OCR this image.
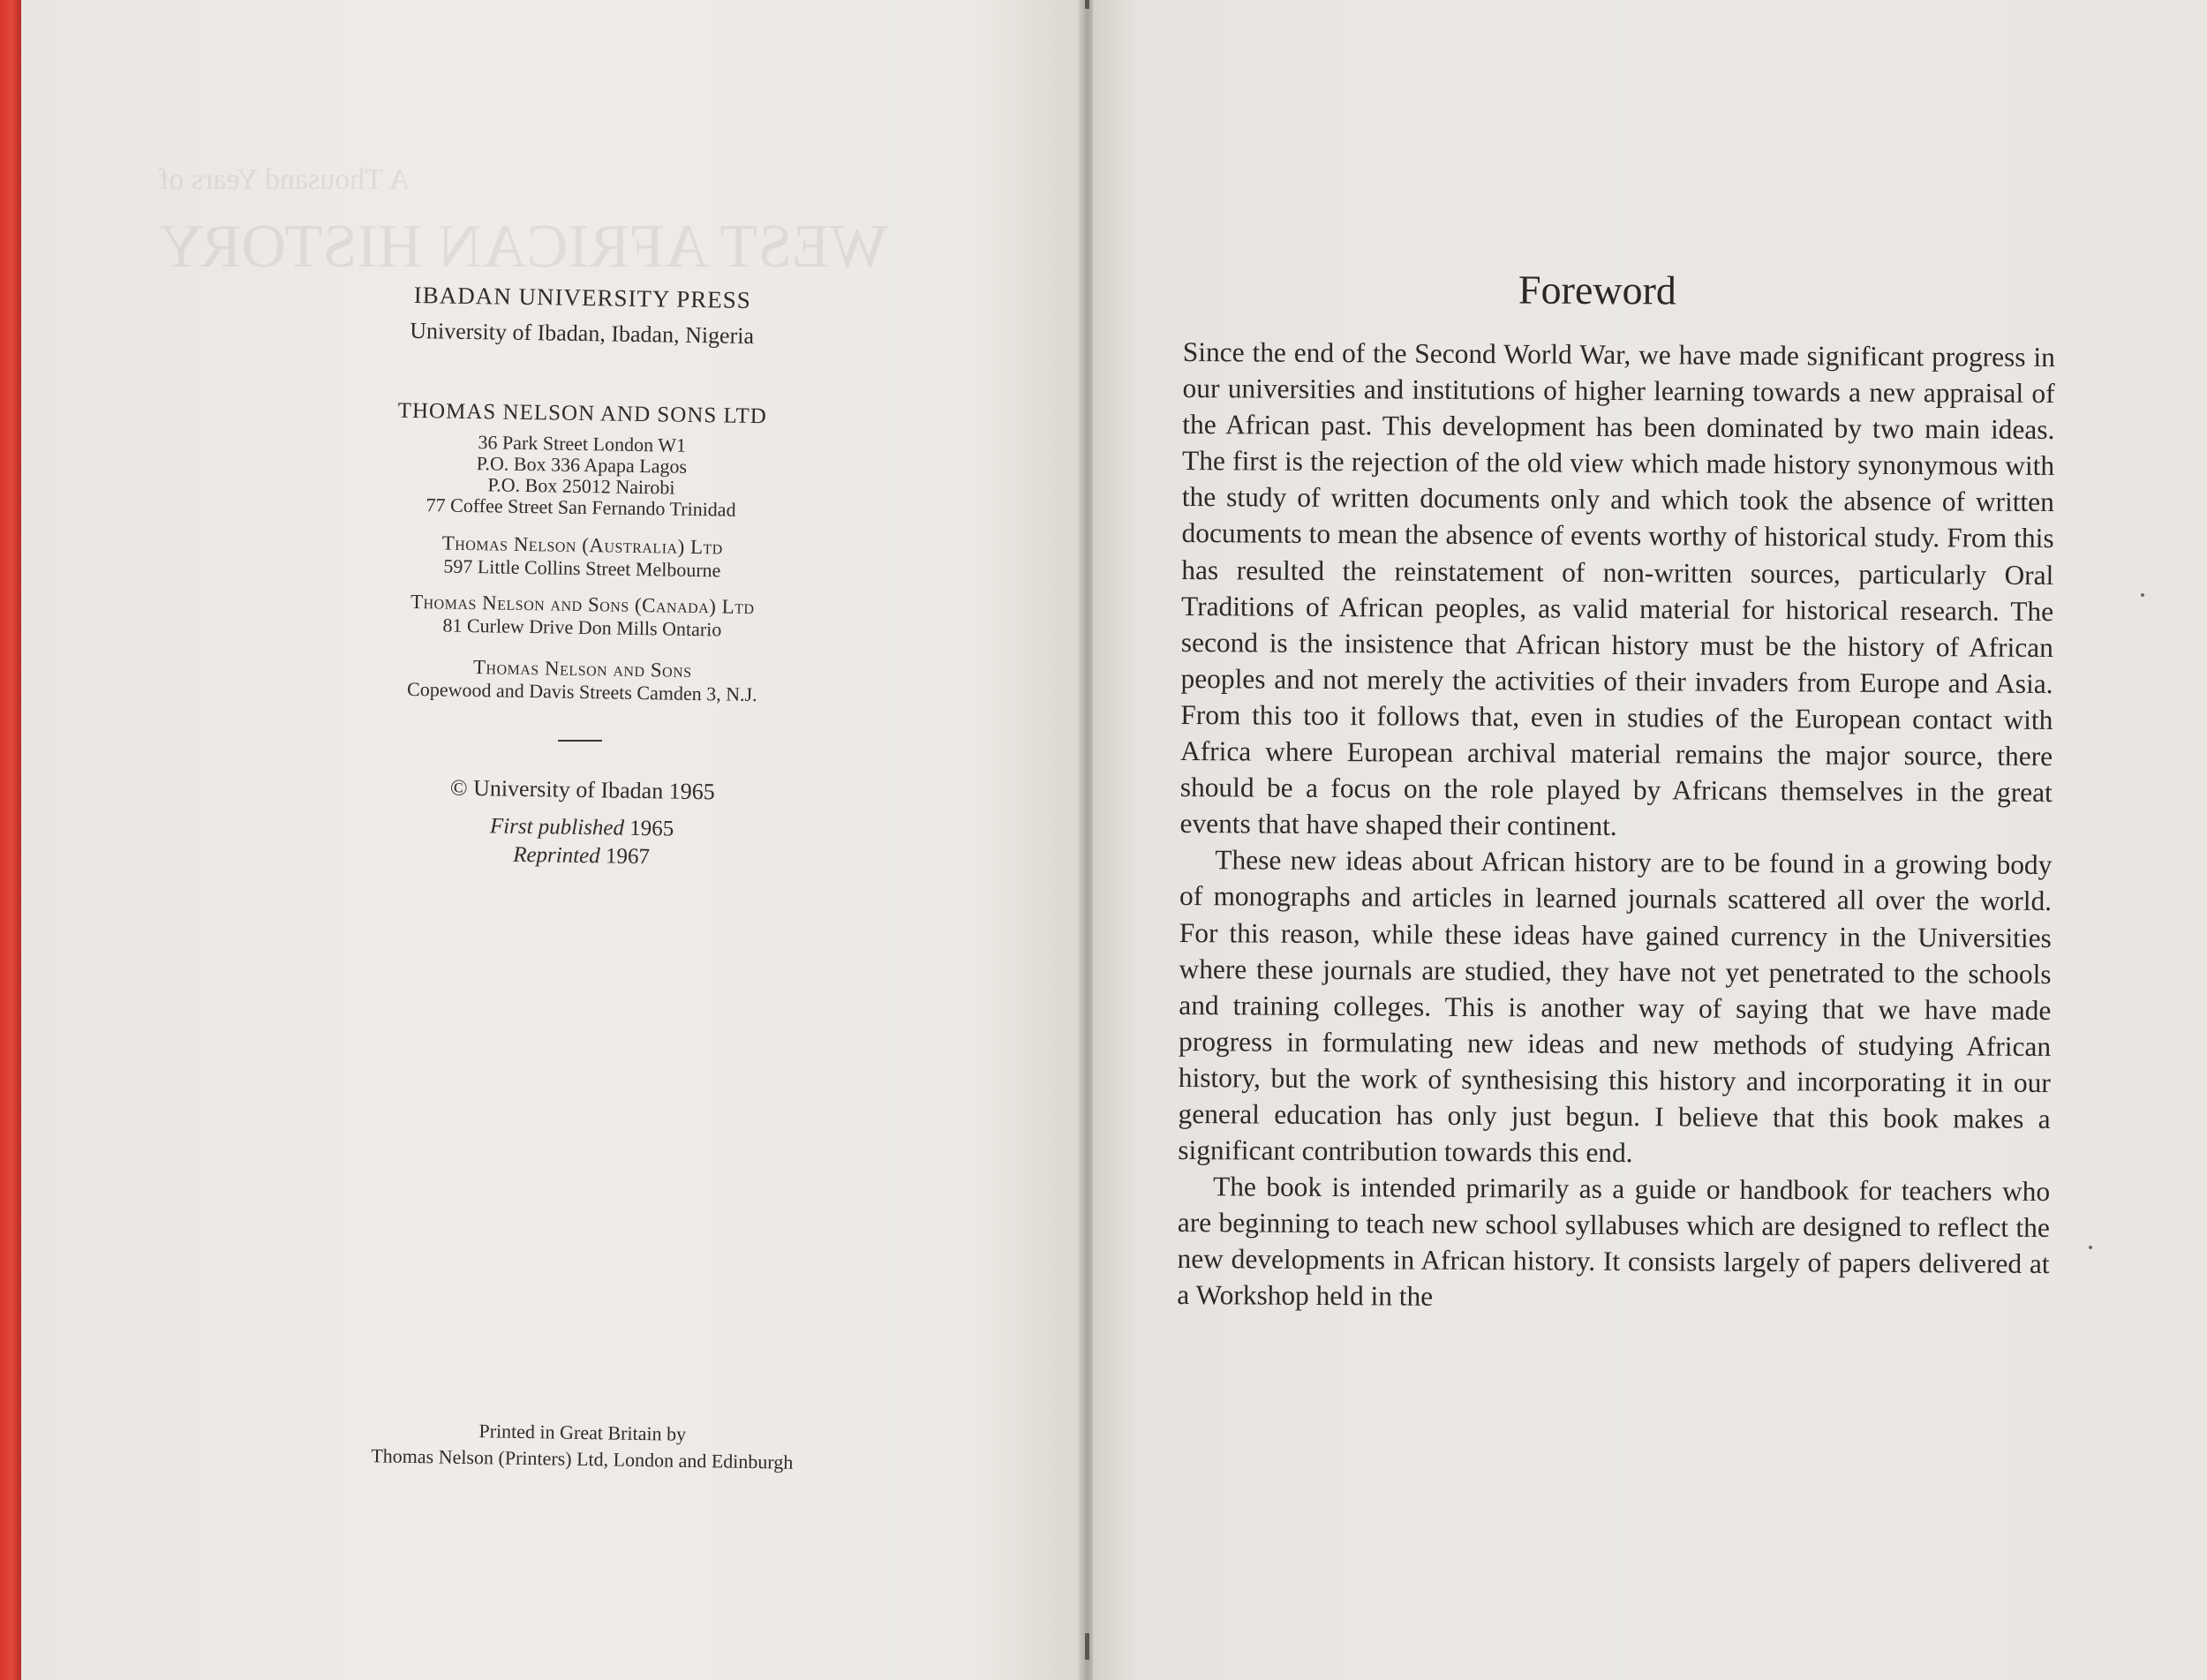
A Thousand Years of
WEST AFRICAN HISTORY
IBADAN UNIVERSITY PRESS
University of Ibadan, Ibadan, Nigeria
THOMAS NELSON AND SONS LTD
36 Park Street London W1
P.O. Box 336 Apapa Lagos
P.O. Box 25012 Nairobi
77 Coffee Street San Fernando Trinidad
Thomas Nelson (Australia) Ltd
597 Little Collins Street Melbourne
Thomas Nelson and Sons (Canada) Ltd
81 Curlew Drive Don Mills Ontario
Thomas Nelson and Sons
Copewood and Davis Streets Camden 3, N.J.
© University of Ibadan 1965
First published 1965
Reprinted 1967
Printed in Great Britain by
Thomas Nelson (Printers) Ltd, London and Edinburgh
Foreword

Since the end of the Second World War, we have made significant progress in our universities and institutions of higher learning towards a new appraisal of the African past. This development has been dominated by two main ideas. The first is the rejection of the old view which made history synonymous with the study of written documents only and which took the absence of written documents to mean the absence of events worthy of historical study. From this has resulted the reinstatement of non-written sources, particularly Oral Traditions of African peoples, as valid material for historical research. The second is the insistence that African history must be the history of African peoples and not merely the activities of their invaders from Europe and Asia. From this too it follows that, even in studies of the European contact with Africa where European archival material remains the major source, there should be a focus on the role played by Africans themselves in the great events that have shaped their continent.

These new ideas about African history are to be found in a growing body of monographs and articles in learned journals scattered all over the world. For this reason, while these ideas have gained currency in the Universities where these journals are studied, they have not yet penetrated to the schools and training colleges. This is another way of saying that we have made progress in formulating new ideas and new methods of studying African history, but the work of synthesising this history and incorporating it in our general education has only just begun. I believe that this book makes a significant contribution towards this end.

The book is intended primarily as a guide or handbook for teachers who are beginning to teach new school syllabuses which are designed to reflect the new developments in African history. It consists largely of papers delivered at a Workshop held in the
